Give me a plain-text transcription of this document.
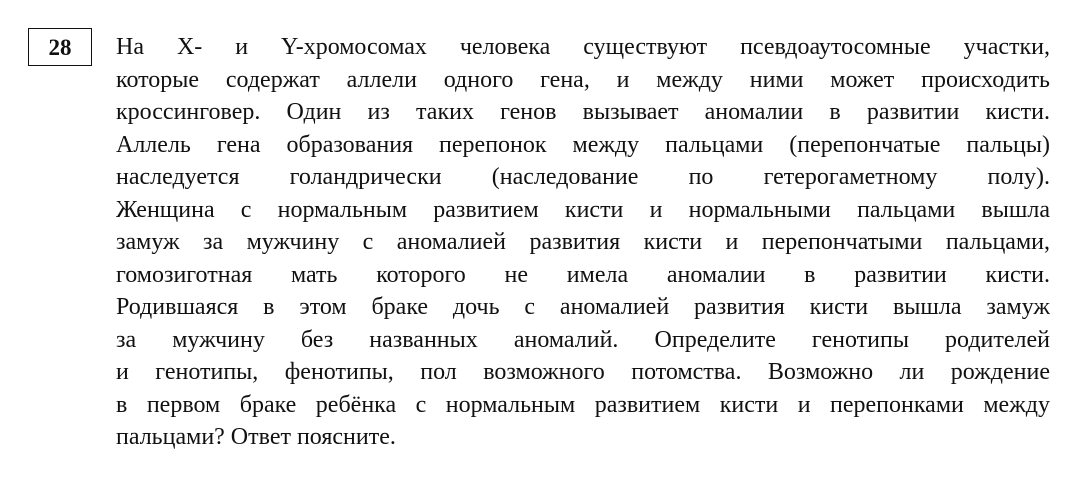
28	На X- и Y-хромосомах человека существуют псевдоаутосомные участки,
которые содержат аллели одного гена, и между ними может происходить
кроссинговер. Один из таких генов вызывает аномалии в развитии кисти.
Аллель гена образования перепонок между пальцами (перепончатые пальцы)
наследуется голандрически (наследование по гетерогаметному полу).
Женщина с нормальным развитием кисти и нормальными пальцами вышла
замуж за мужчину с аномалией развития кисти и перепончатыми пальцами,
гомозиготная мать которого не имела аномалии в развитии кисти.
Родившаяся в этом браке дочь с аномалией развития кисти вышла замуж
за мужчину без названных аномалий. Определите генотипы родителей
и генотипы, фенотипы, пол возможного потомства. Возможно ли рождение
в первом браке ребёнка с нормальным развитием кисти и перепонками между
пальцами? Ответ поясните.
